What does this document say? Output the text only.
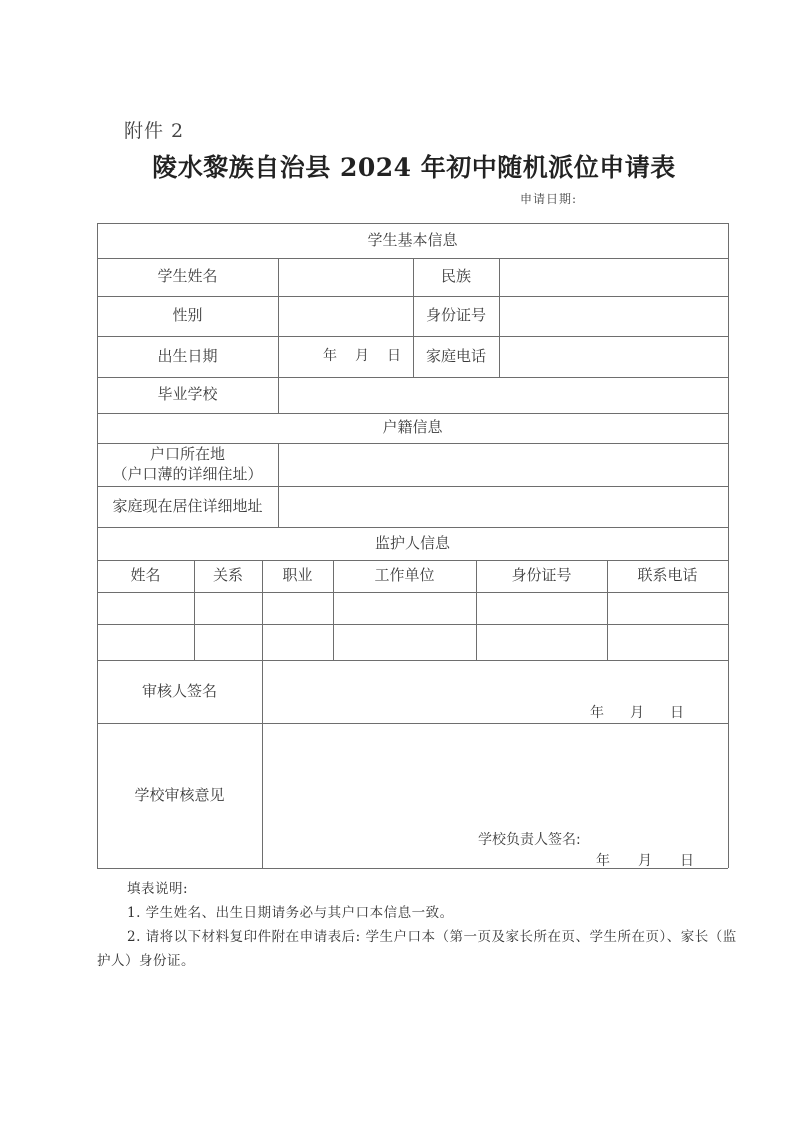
附件 2
陵水黎族自治县 2024 年初中随机派位申请表
申请日期:
学生基本信息
学生姓名	民族
性别	身份证号
出生日期	年 月 日	家庭电话
毕业学校
户籍信息
户口所在地
（户口薄的详细住址）
家庭现在居住详细地址
监护人信息
姓名	关系	职业	工作单位	身份证号	联系电话
审核人签名
年 月 日
学校审核意见
学校负责人签名:
年 月 日
填表说明:
1. 学生姓名、出生日期请务必与其户口本信息一致。
2. 请将以下材料复印件附在申请表后: 学生户口本（第一页及家长所在页、学生所在页）、家长（监护人）身份证。
